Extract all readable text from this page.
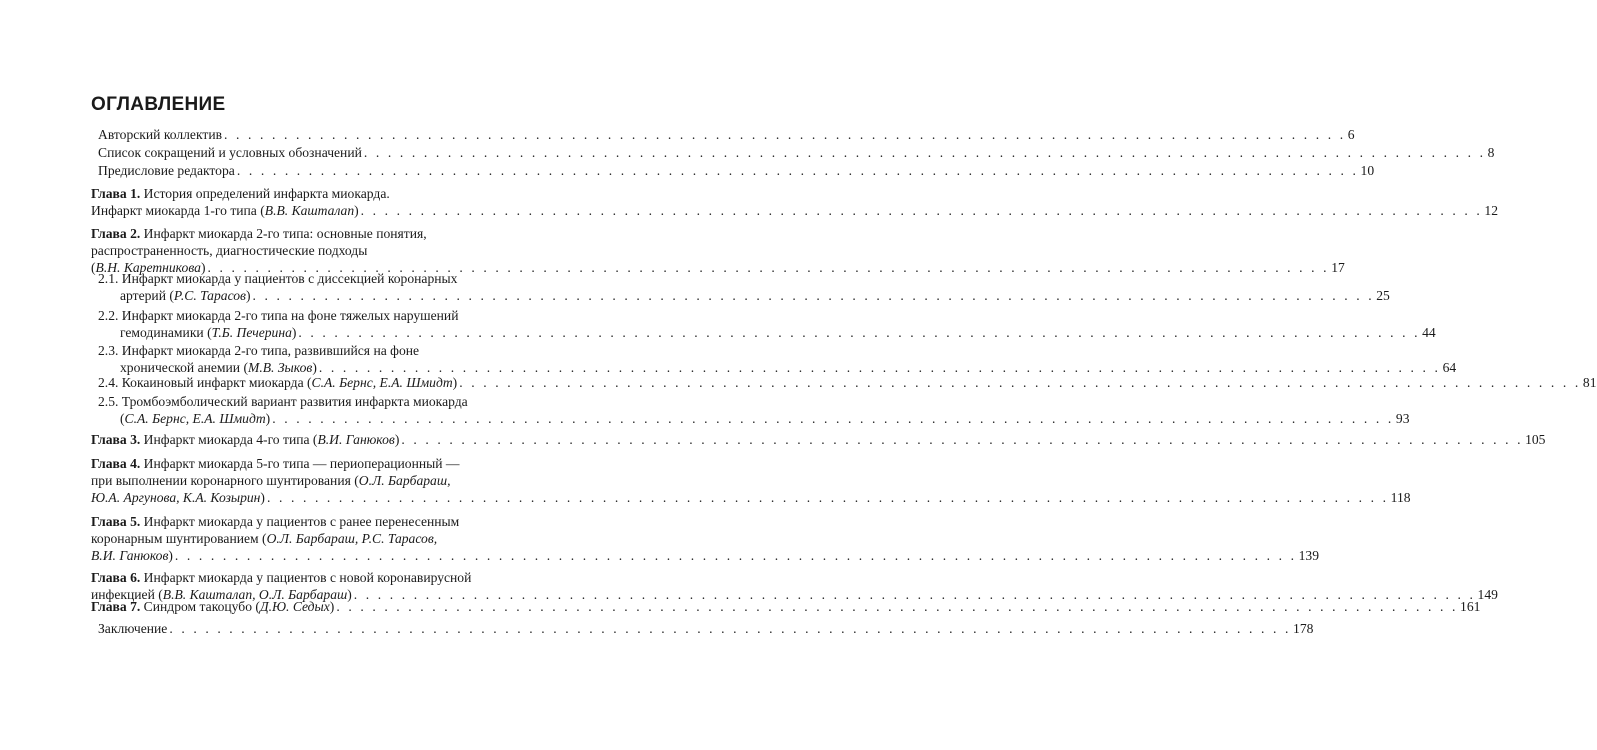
ОГЛАВЛЕНИЕ
Авторский коллектив . . . . . . . . . . . . . . . . . . . . . . . . . . . . . . . . . . . . . . . . . . . . . . . . . . . . . . . . . . . . . . . . . . . . . . . . . . . . . . . . . . . . . . . . . . . . . . 6
Список сокращений и условных обозначений . . . . . . . . . . . . . . . . . . . . . . . . . . . . . . . . . . . . . . . . . . . . . . . . . . . . . . . . . . . . . . . . . . . . . . . . . . . . . . . . . . . . . . . . . . . . . . 8
Предисловие редактора . . . . . . . . . . . . . . . . . . . . . . . . . . . . . . . . . . . . . . . . . . . . . . . . . . . . . . . . . . . . . . . . . . . . . . . . . . . . . . . . . . . . . . . . . . . . . . 10
Глава 1. История определений инфаркта миокарда.
Инфаркт миокарда 1-го типа (В.В. Кашталап) . . . . . . . . . . . . . . . . . . . . . . . . . . . . . . . . . . . . . . . . . . . . . . . . . . . . . . . . . . . . . . . . . . . . . . . . . . . . . . . . . . . . . . . . . . . . . . 12
Глава 2. Инфаркт миокарда 2-го типа: основные понятия,
распространенность, диагностические подходы
(В.Н. Каретникова) . . . . . . . . . . . . . . . . . . . . . . . . . . . . . . . . . . . . . . . . . . . . . . . . . . . . . . . . . . . . . . . . . . . . . . . . . . . . . . . . . . . . . . . . . . . . . . 17
2.1. Инфаркт миокарда у пациентов с диссекцией коронарных
артерий (Р.С. Тарасов) . . . . . . . . . . . . . . . . . . . . . . . . . . . . . . . . . . . . . . . . . . . . . . . . . . . . . . . . . . . . . . . . . . . . . . . . . . . . . . . . . . . . . . . . . . . . . . 25
2.2. Инфаркт миокарда 2-го типа на фоне тяжелых нарушений
гемодинамики (Т.Б. Печерина) . . . . . . . . . . . . . . . . . . . . . . . . . . . . . . . . . . . . . . . . . . . . . . . . . . . . . . . . . . . . . . . . . . . . . . . . . . . . . . . . . . . . . . . . . . . . . . 44
2.3. Инфаркт миокарда 2-го типа, развившийся на фоне
хронической анемии (М.В. Зыков) . . . . . . . . . . . . . . . . . . . . . . . . . . . . . . . . . . . . . . . . . . . . . . . . . . . . . . . . . . . . . . . . . . . . . . . . . . . . . . . . . . . . . . . . . . . . . . 64
2.4. Кокаиновый инфаркт миокарда (С.А. Бернс, Е.А. Шмидт) . . . . . . . . . . . . . . . . . . . . . . . . . . . . . . . . . . . . . . . . . . . . . . . . . . . . . . . . . . . . . . . . . . . . . . . . . . . . . . . . . . . . . . . . . . . . . . 81
2.5. Тромбоэмболический вариант развития инфаркта миокарда
(С.А. Бернс, Е.А. Шмидт) . . . . . . . . . . . . . . . . . . . . . . . . . . . . . . . . . . . . . . . . . . . . . . . . . . . . . . . . . . . . . . . . . . . . . . . . . . . . . . . . . . . . . . . . . . . . . . 93
Глава 3. Инфаркт миокарда 4-го типа (В.И. Ганюков) . . . . . . . . . . . . . . . . . . . . . . . . . . . . . . . . . . . . . . . . . . . . . . . . . . . . . . . . . . . . . . . . . . . . . . . . . . . . . . . . . . . . . . . . . . . . . . 105
Глава 4. Инфаркт миокарда 5-го типа — периоперационный —
при выполнении коронарного шунтирования (О.Л. Барбараш,
Ю.А. Аргунова, К.А. Козырин) . . . . . . . . . . . . . . . . . . . . . . . . . . . . . . . . . . . . . . . . . . . . . . . . . . . . . . . . . . . . . . . . . . . . . . . . . . . . . . . . . . . . . . . . . . . . . . 118
Глава 5. Инфаркт миокарда у пациентов с ранее перенесенным
коронарным шунтированием (О.Л. Барбараш, Р.С. Тарасов,
В.И. Ганюков) . . . . . . . . . . . . . . . . . . . . . . . . . . . . . . . . . . . . . . . . . . . . . . . . . . . . . . . . . . . . . . . . . . . . . . . . . . . . . . . . . . . . . . . . . . . . . . 139
Глава 6. Инфаркт миокарда у пациентов с новой коронавирусной
инфекцией (В.В. Кашталап, О.Л. Барбараш) . . . . . . . . . . . . . . . . . . . . . . . . . . . . . . . . . . . . . . . . . . . . . . . . . . . . . . . . . . . . . . . . . . . . . . . . . . . . . . . . . . . . . . . . . . . . . . 149
Глава 7. Синдром такоцубо (Д.Ю. Седых) . . . . . . . . . . . . . . . . . . . . . . . . . . . . . . . . . . . . . . . . . . . . . . . . . . . . . . . . . . . . . . . . . . . . . . . . . . . . . . . . . . . . . . . . . . . . . . 161
Заключение . . . . . . . . . . . . . . . . . . . . . . . . . . . . . . . . . . . . . . . . . . . . . . . . . . . . . . . . . . . . . . . . . . . . . . . . . . . . . . . . . . . . . . . . . . . . . . 178
